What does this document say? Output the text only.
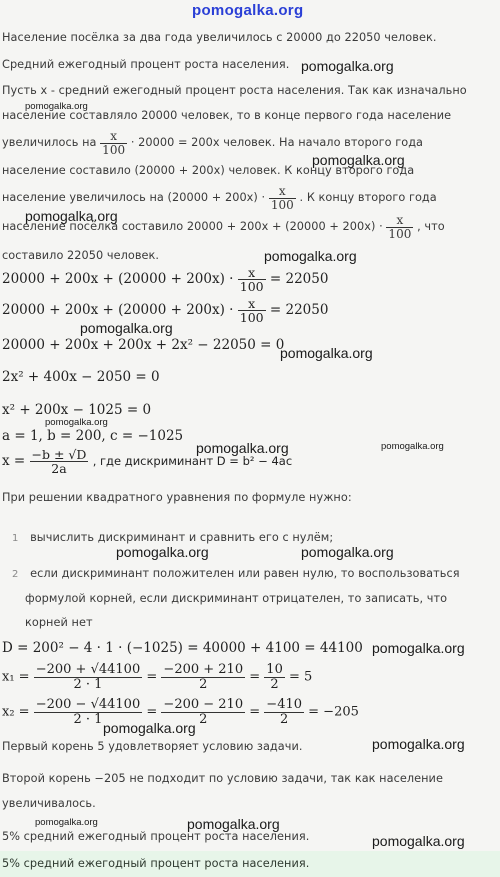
pomogalka.org
Население посёлка за два года увеличилось с 20000 до 22050 человек.
Средний ежегодный процент роста населения.
Пусть x - средний ежегодный процент роста населения. Так как изначально
население составляло 20000 человек, то в конце первого года население
увеличилось на $\frac{x}{100} \cdot 20000 = 200x$ человек. На начало второго года
население составило (20000 + 200x) человек. К концу второго года
население увеличилось на $(20000 + 200x) \cdot \frac{x}{100}$ . К концу второго года
население посёлка составило $20000 + 200x + (20000 + 200x) \cdot \frac{x}{100}$ , что
составило 22050 человек.
$20000 + 200x + (20000 + 200x) \cdot \frac{x}{100} = 22050$
$20000 + 200x + (20000 + 200x) \cdot \frac{x}{100} = 22050$
20000 + 200x + 200x + 2x² − 22050 = 0
2x² + 400x − 2050 = 0
x² + 200x − 1025 = 0
a = 1, b = 200, c = −1025
$x = \frac{-b \pm √D}{2a}$ , где дискриминант D = b² − 4ac
При решении квадратного уравнения по формуле нужно:
1 вычислить дискриминант и сравнить его с нулём;
2 если дискриминант положителен или равен нулю, то воспользоваться
формулой корней, если дискриминант отрицателен, то записать, что
корней нет
D = 200² − 4 · 1 · (−1025) = 40000 + 4100 = 44100
$x_1 = \frac{-200 + √44100}{2 \cdot 1} = \frac{-200 + 210}{2} = \frac{10}{2} = 5$
$x_2 = \frac{-200 - √44100}{2 \cdot 1} = \frac{-200 - 210}{2} = \frac{-410}{2} = -205$
Первый корень 5 удовлетворяет условию задачи.
Второй корень −205 не подходит по условию задачи, так как население
увеличивалось.
5% средний ежегодный процент роста населения.
5% средний ежегодный процент роста населения.
pomogalka.org
pomogalka.org
pomogalka.org
pomogalka.org
pomogalka.org
pomogalka.org
pomogalka.org
pomogalka.org
pomogalka.org	pomogalka.org
pomogalka.org	pomogalka.org
pomogalka.org
pomogalka.org
pomogalka.org
pomogalka.org	pomogalka.org
pomogalka.org
